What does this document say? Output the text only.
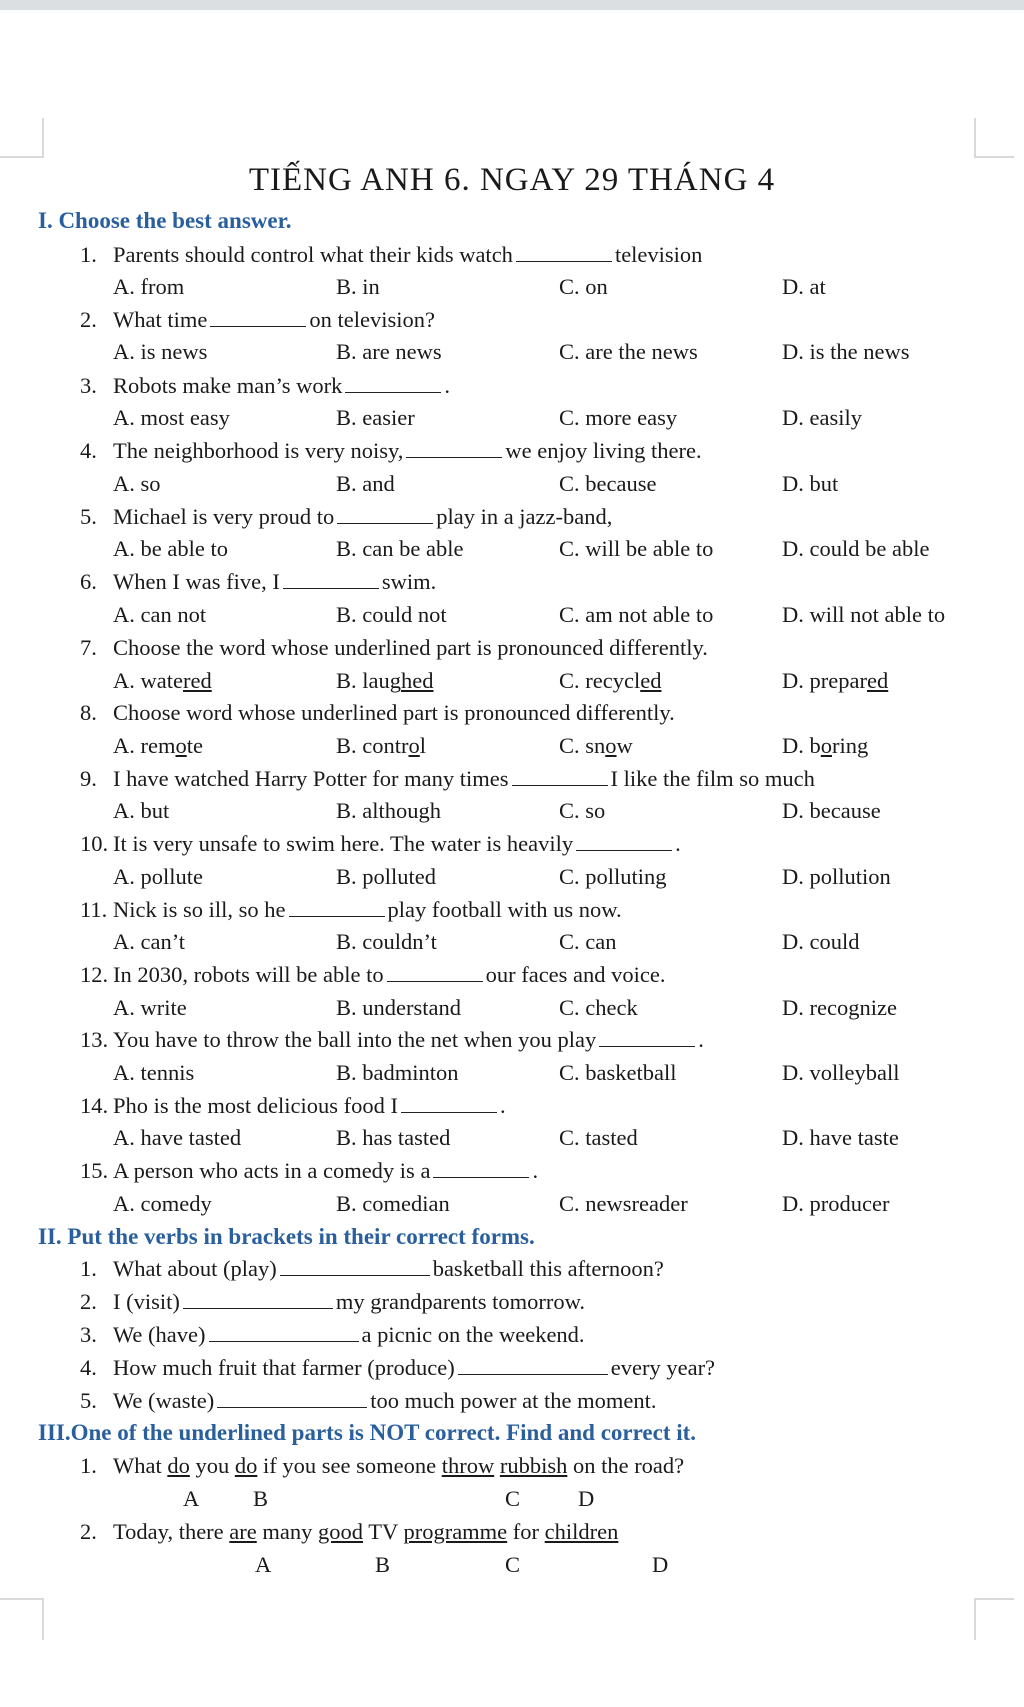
TIẾNG ANH 6. NGAY 29 THÁNG 4
I. Choose the best answer.
1. Parents should control what their kids watch	television
A. from	B. in	C. on	D. at
2. What time	on television?
A. is news	B. are news	C. are the news	D. is the news
3. Robots make man’s work	.
A. most easy	B. easier	C. more easy	D. easily
4. The neighborhood is very noisy,	we enjoy living there.
A. so	B. and	C. because	D. but
5. Michael is very proud to	play in a jazz-band,
A. be able to	B. can be able	C. will be able to	D. could be able
6. When I was five, I	swim.
A. can not	B. could not	C. am not able to	D. will not able to
7. Choose the word whose underlined part is pronounced differently.
A. watered	B. laughed	C. recycled	D. prepared
8. Choose word whose underlined part is pronounced differently.
A. remote	B. control	C. snow	D. boring
9. I have watched Harry Potter for many times	I like the film so much
A. but	B. although	C. so	D. because
10. It is very unsafe to swim here. The water is heavily	.
A. pollute	B. polluted	C. polluting	D. pollution
11. Nick is so ill, so he	play football with us now.
A. can’t	B. couldn’t	C. can	D. could
12. In 2030, robots will be able to	our faces and voice.
A. write	B. understand	C. check	D. recognize
13. You have to throw the ball into the net when you play	.
A. tennis	B. badminton	C. basketball	D. volleyball
14. Pho is the most delicious food I	.
A. have tasted	B. has tasted	C. tasted	D. have taste
15. A person who acts in a comedy is a	.
A. comedy	B. comedian	C. newsreader	D. producer
II. Put the verbs in brackets in their correct forms.
1. What about (play)	basketball this afternoon?
2. I (visit)	my grandparents tomorrow.
3. We (have)	a picnic on the weekend.
4. How much fruit that farmer (produce)	every year?
5. We (waste)	too much power at the moment.
III.One of the underlined parts is NOT correct. Find and correct it.
1. What do you do if you see someone throw rubbish on the road?
A B	C	D
2. Today, there are many good TV programme for children
A	B	C	D
